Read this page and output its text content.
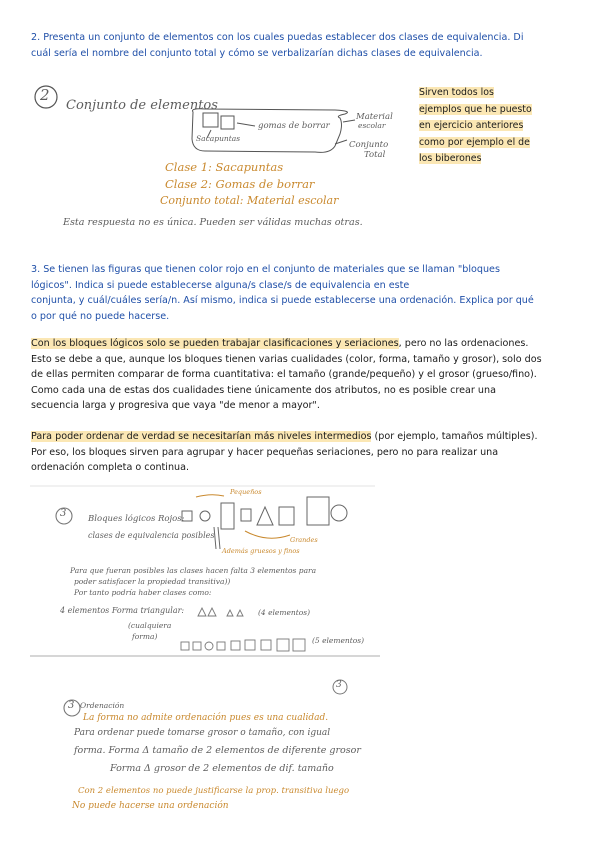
2. Presenta un conjunto de elementos con los cuales puedas establecer dos clases de equivalencia. Di
cuál sería el nombre del conjunto total y cómo se verbalizarían dichas clases de equivalencia.
2
Conjunto de elementos
Sacapuntas
gomas de borrar
Material
escolar
Conjunto
Total
Clase 1: Sacapuntas
Clase 2: Gomas de borrar
Conjunto total: Material escolar
Esta respuesta no es única. Pueden ser válidas muchas otras.
Sirven todos los
ejemplos que he puesto
en ejercicio anteriores
como por ejemplo el de
los biberones
3. Se tienen las figuras que tienen color rojo en el conjunto de materiales que se llaman "bloques
lógicos". Indica si puede establecerse alguna/s clase/s de equivalencia en este
conjunta, y cuál/cuáles sería/n. Así mismo, indica si puede establecerse una ordenación. Explica por qué
o por qué no puede hacerse.
Con los bloques lógicos solo se pueden trabajar clasificaciones y seriaciones, pero no las ordenaciones.
Esto se debe a que, aunque los bloques tienen varias cualidades (color, forma, tamaño y grosor), solo dos
de ellas permiten comparar de forma cuantitativa: el tamaño (grande/pequeño) y el grosor (grueso/fino).
Como cada una de estas dos cualidades tiene únicamente dos atributos, no es posible crear una
secuencia larga y progresiva que vaya "de menor a mayor".
Para poder ordenar de verdad se necesitarían más niveles intermedios (por ejemplo, tamaños múltiples).
Por eso, los bloques sirven para agrupar y hacer pequeñas seriaciones, pero no para realizar una
ordenación completa o continua.
3	Bloques lógicos Rojos:
Pequeños
clases de equivalencia posibles	Grandes
Además gruesos y finos
Para que fueran posibles las clases hacen falta 3 elementos para
poder satisfacer la propiedad transitiva))
Por tanto podría haber clases como:
4 elementos Forma triangular:	(4 elementos)
(cualquiera
forma)	(5 elementos)
3
3 Ordenación
La forma no admite ordenación pues es una cualidad.
Para ordenar puede tomarse grosor o tamaño, con igual
forma. Forma Δ tamaño de 2 elementos de diferente grosor
Forma Δ grosor de 2 elementos de dif. tamaño
Con 2 elementos no puede justificarse la prop. transitiva luego
No puede hacerse una ordenación
